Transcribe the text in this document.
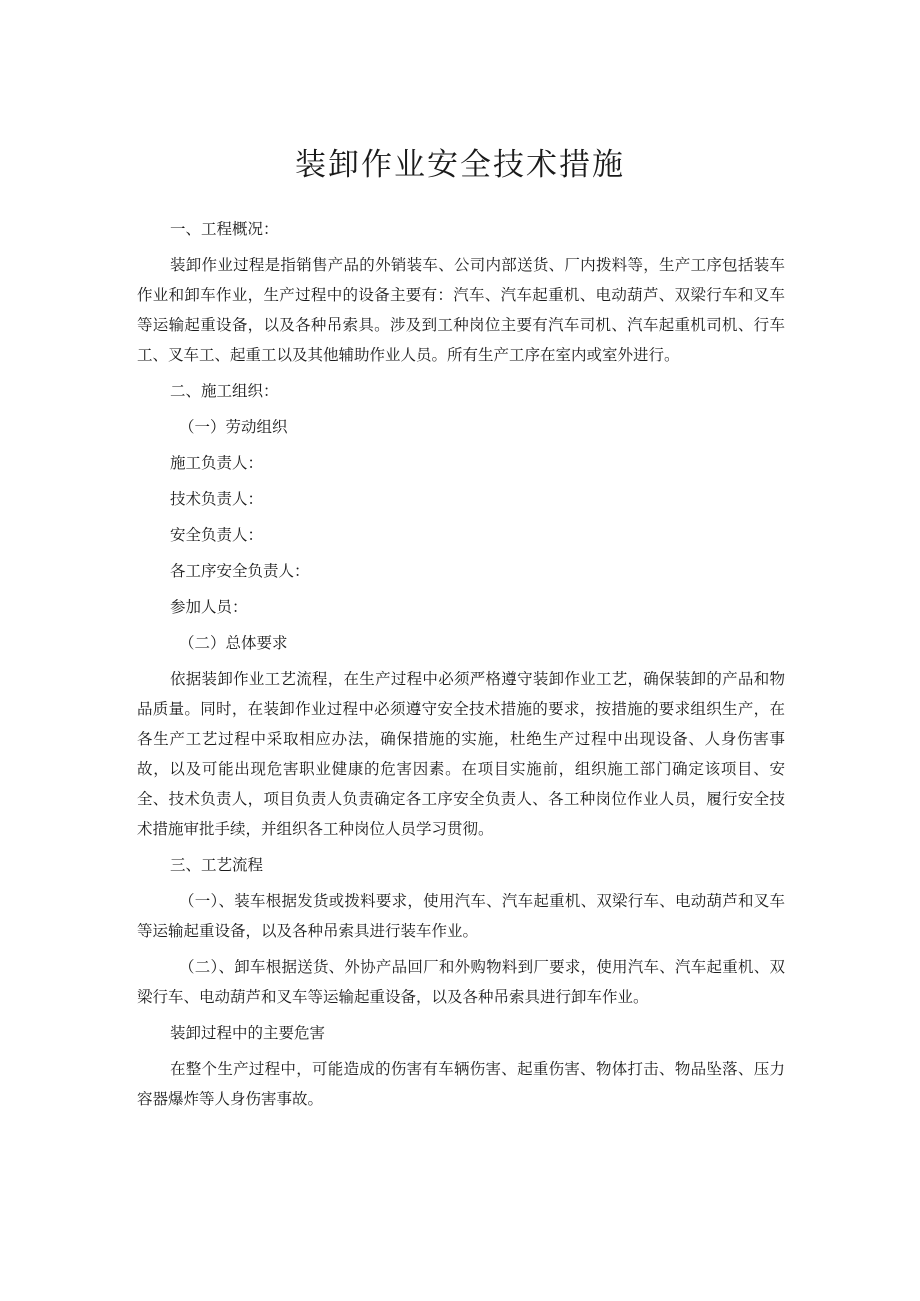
装卸作业安全技术措施

一、工程概况：

装卸作业过程是指销售产品的外销装车、公司内部送货、厂内拨料等，生产工序包括装车作业和卸车作业，生产过程中的设备主要有：汽车、汽车起重机、电动葫芦、双梁行车和叉车等运输起重设备，以及各种吊索具。涉及到工种岗位主要有汽车司机、汽车起重机司机、行车工、叉车工、起重工以及其他辅助作业人员。所有生产工序在室内或室外进行。

二、施工组织：

（一）劳动组织

施工负责人：

技术负责人：

安全负责人：

各工序安全负责人：

参加人员：

（二）总体要求

依据装卸作业工艺流程，在生产过程中必须严格遵守装卸作业工艺，确保装卸的产品和物品质量。同时，在装卸作业过程中必须遵守安全技术措施的要求，按措施的要求组织生产，在各生产工艺过程中采取相应办法，确保措施的实施，杜绝生产过程中出现设备、人身伤害事故，以及可能出现危害职业健康的危害因素。在项目实施前，组织施工部门确定该项目、安全、技术负责人，项目负责人负责确定各工序安全负责人、各工种岗位作业人员，履行安全技术措施审批手续，并组织各工种岗位人员学习贯彻。

三、工艺流程

（一）、装车根据发货或拨料要求，使用汽车、汽车起重机、双梁行车、电动葫芦和叉车等运输起重设备，以及各种吊索具进行装车作业。

（二）、卸车根据送货、外协产品回厂和外购物料到厂要求，使用汽车、汽车起重机、双梁行车、电动葫芦和叉车等运输起重设备，以及各种吊索具进行卸车作业。

装卸过程中的主要危害

在整个生产过程中，可能造成的伤害有车辆伤害、起重伤害、物体打击、物品坠落、压力容器爆炸等人身伤害事故。
